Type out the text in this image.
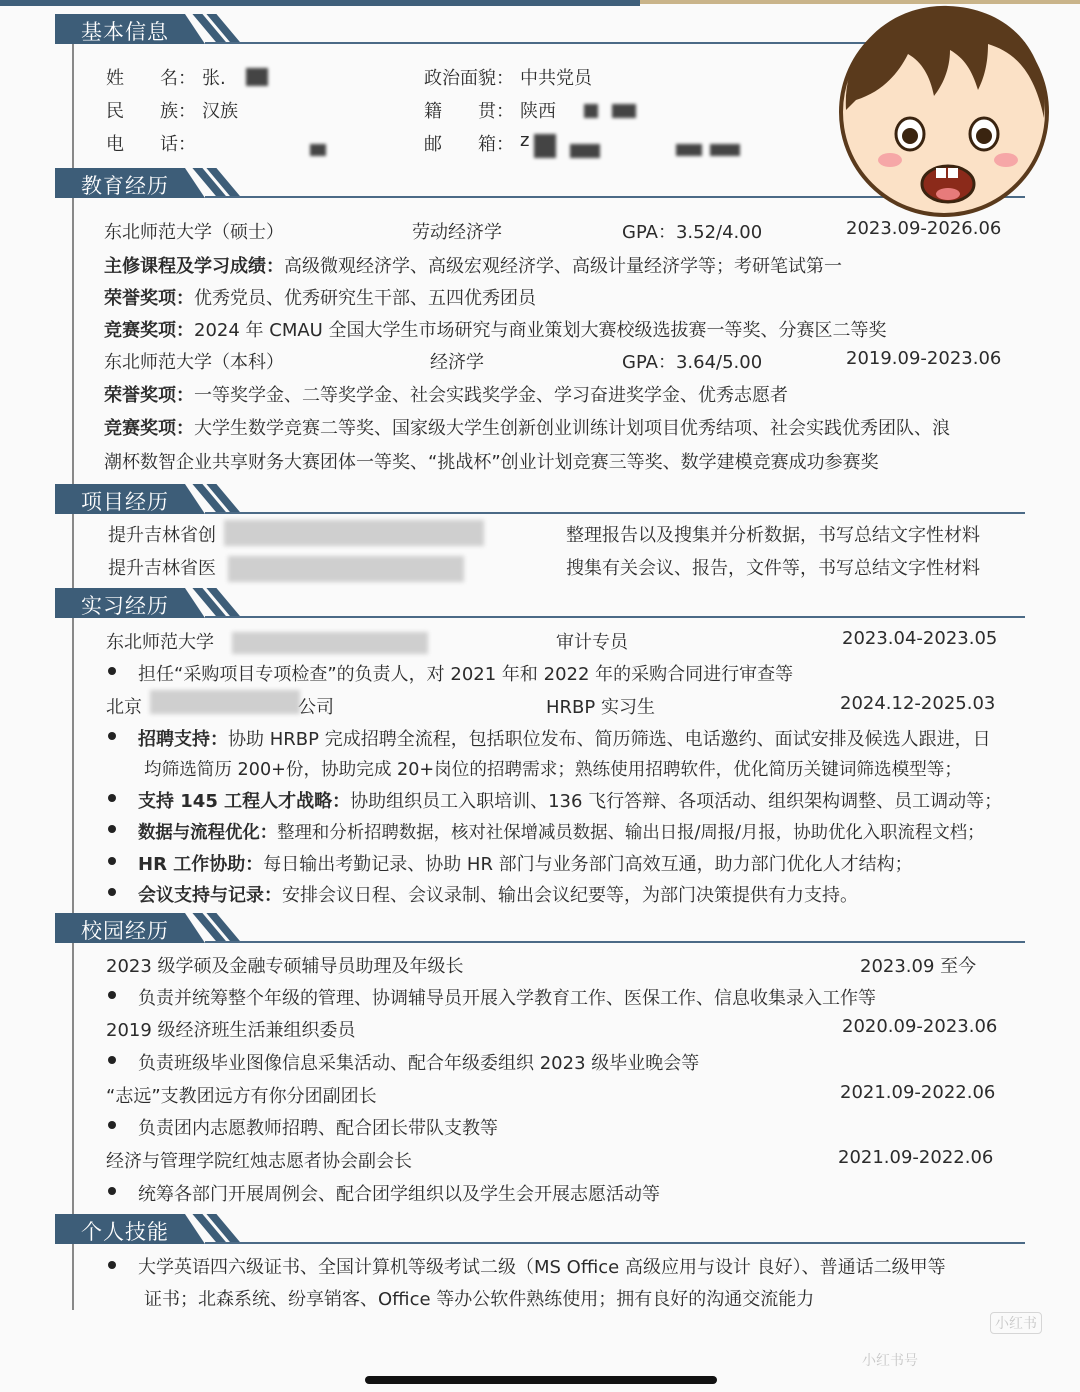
基本信息
姓　　名： 张.	政治面貌： 中共党员
民　　族： 汉族	籍　　贯： 陕西
电　　话：	邮　　箱： z
教育经历
东北师范大学（硕士）	劳动经济学	GPA：3.52/4.00	2023.09-2026.06
主修课程及学习成绩：高级微观经济学、高级宏观经济学、高级计量经济学等；考研笔试第一
荣誉奖项：优秀党员、优秀研究生干部、五四优秀团员
竞赛奖项：2024 年 CMAU 全国大学生市场研究与商业策划大赛校级选拔赛一等奖、分赛区二等奖
东北师范大学（本科）	经济学	GPA：3.64/5.00	2019.09-2023.06
荣誉奖项：一等奖学金、二等奖学金、社会实践奖学金、学习奋进奖学金、优秀志愿者
竞赛奖项：大学生数学竞赛二等奖、国家级大学生创新创业训练计划项目优秀结项、社会实践优秀团队、浪
潮杯数智企业共享财务大赛团体一等奖、“挑战杯”创业计划竞赛三等奖、数学建模竞赛成功参赛奖
项目经历
提升吉林省创	整理报告以及搜集并分析数据，书写总结文字性材料
提升吉林省医	搜集有关会议、报告，文件等，书写总结文字性材料
实习经历
东北师范大学	审计专员	2023.04-2023.05
担任“采购项目专项检查”的负责人，对 2021 年和 2022 年的采购合同进行审查等
北京	公司	HRBP 实习生	2024.12-2025.03
招聘支持：协助 HRBP 完成招聘全流程，包括职位发布、简历筛选、电话邀约、面试安排及候选人跟进，日
均筛选简历 200+份，协助完成 20+岗位的招聘需求；熟练使用招聘软件，优化简历关键词筛选模型等；
支持 145 工程人才战略：协助组织员工入职培训、136 飞行答辩、各项活动、组织架构调整、员工调动等；
数据与流程优化：整理和分析招聘数据，核对社保增减员数据、输出日报/周报/月报，协助优化入职流程文档；
HR 工作协助：每日输出考勤记录、协助 HR 部门与业务部门高效互通，助力部门优化人才结构；
会议支持与记录：安排会议日程、会议录制、输出会议纪要等，为部门决策提供有力支持。
校园经历
2023 级学硕及金融专硕辅导员助理及年级长	2023.09 至今
负责并统筹整个年级的管理、协调辅导员开展入学教育工作、医保工作、信息收集录入工作等
2019 级经济班生活兼组织委员	2020.09-2023.06
负责班级毕业图像信息采集活动、配合年级委组织 2023 级毕业晚会等
“志远”支教团远方有你分团副团长	2021.09-2022.06
负责团内志愿教师招聘、配合团长带队支教等
经济与管理学院红烛志愿者协会副会长	2021.09-2022.06
统筹各部门开展周例会、配合团学组织以及学生会开展志愿活动等
个人技能
大学英语四六级证书、全国计算机等级考试二级（MS Office 高级应用与设计 良好）、普通话二级甲等
证书；北森系统、纷享销客、Office 等办公软件熟练使用；拥有良好的沟通交流能力
小红书
小红书号
